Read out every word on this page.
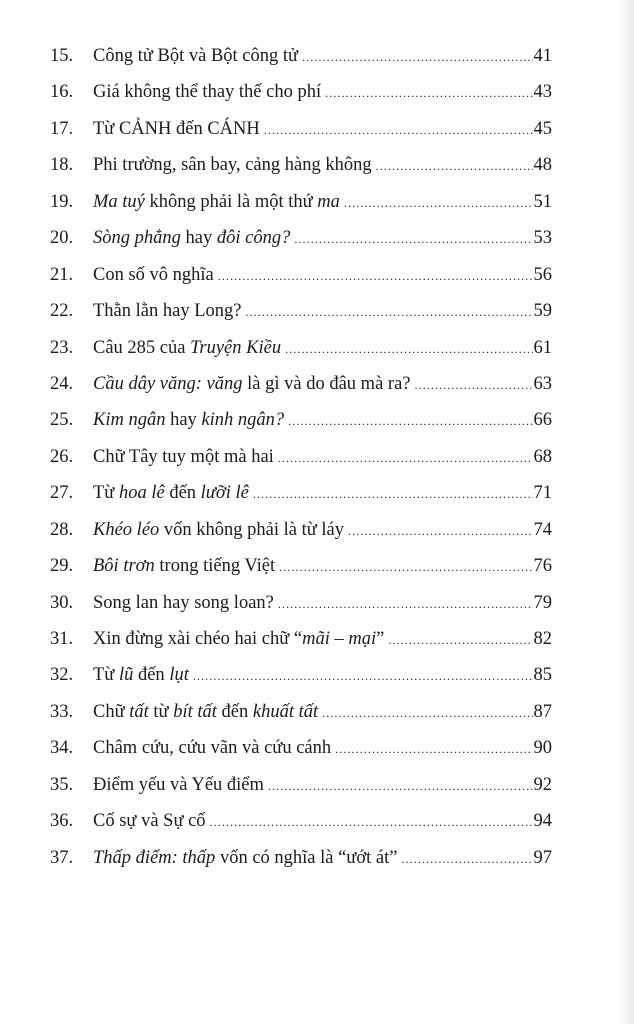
15.	Công tử Bột và Bột công tử .....	41
16.	Giá không thể thay thế cho phí .....	43
17.	Từ CẢNH đến CÁNH .....	45
18.	Phi trường, sân bay, cảng hàng không .....	48
19.	Ma tuý không phải là một thứ ma .....	51
20.	Sòng phẳng hay đôi công? .....	53
21.	Con số vô nghĩa .....	56
22.	Thằn lằn hay Long? .....	59
23.	Câu 285 của Truyện Kiều .....	61
24.	Cầu dây văng: văng là gì và do đâu mà ra? .....	63
25.	Kim ngân hay kinh ngân? .....	66
26.	Chữ Tây tuy một mà hai .....	68
27.	Từ hoa lê đến lưỡi lê .....	71
28.	Khéo léo vốn không phải là từ láy .....	74
29.	Bôi trơn trong tiếng Việt .....	76
30.	Song lan hay song loan? .....	79
31.	Xin đừng xài chéo hai chữ “mãi – mại” .....	82
32.	Từ lũ đến lụt .....	85
33.	Chữ tất từ bít tất đến khuất tất .....	87
34.	Châm cứu, cứu vãn và cứu cánh .....	90
35.	Điểm yếu và Yếu điểm .....	92
36.	Cố sự và Sự cố .....	94
37.	Thấp điểm: thấp vốn có nghĩa là “ướt át” .....	97
